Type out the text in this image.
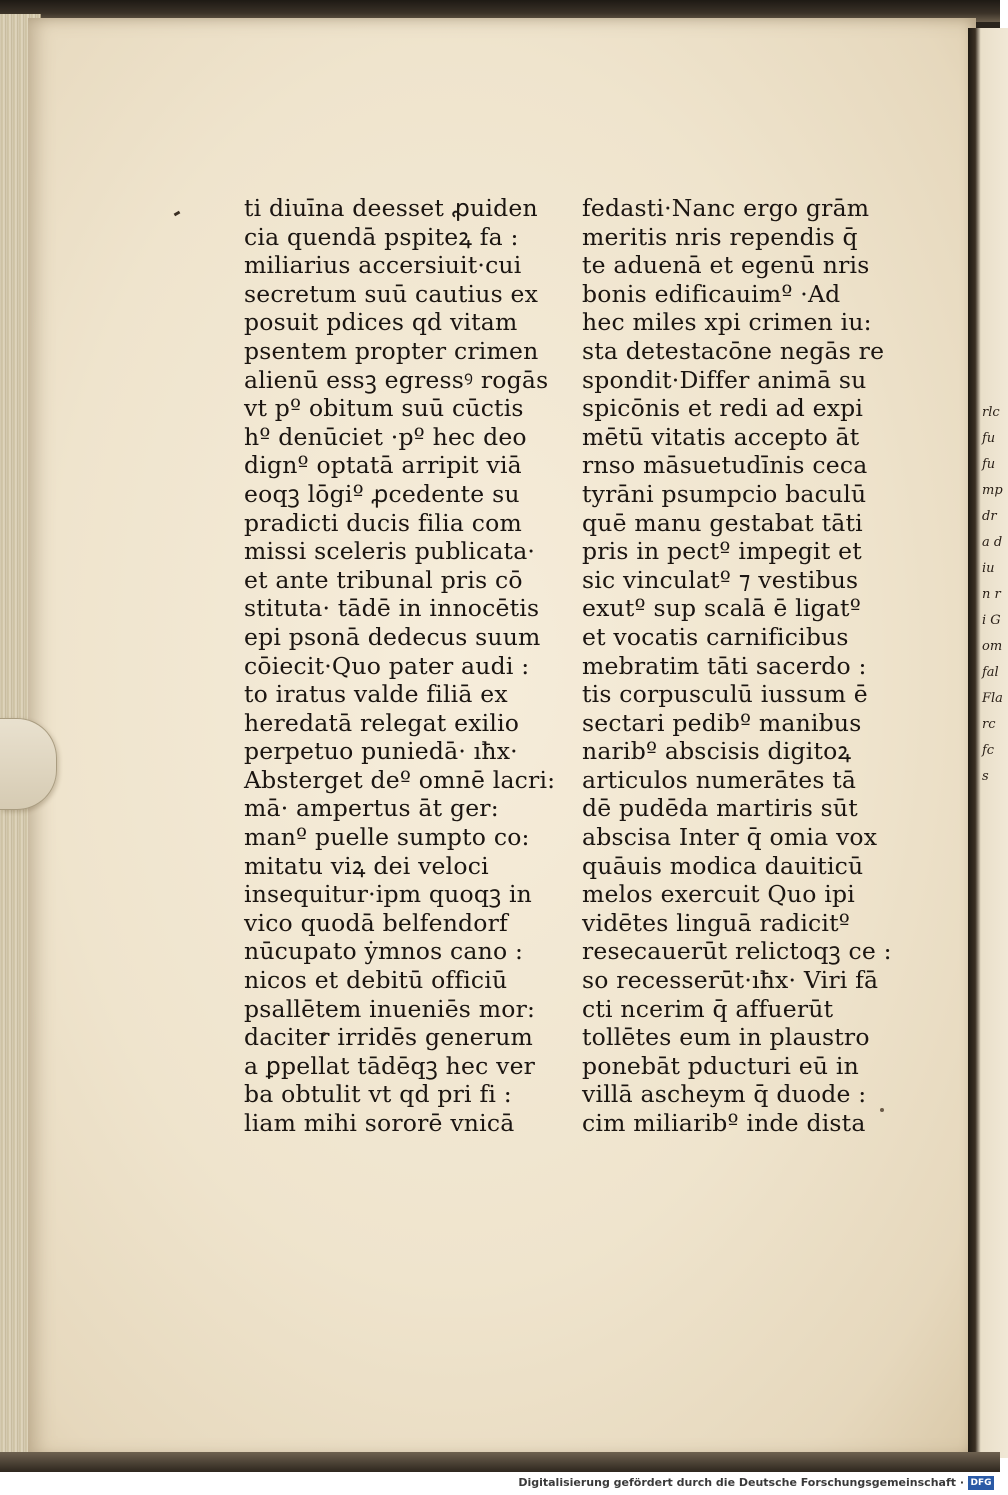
rlc fu fu mp dra diu n ri Gom fal Fla rc fc s
ti diuīna deesset ꝓuiden
cia quendā pspiteꝝ fa :
miliarius accersiuit·cui
secretum suū cautius ex
posuit pdices qd vitam
psentem propter crimen
alienū essꝫ egressꝰ rogās
vt pº obitum suū cūctis
hº denūciet ·pº hec deo
dignº optatā arripit viā
eoqꝫ lōgiº ꝓcedente su
pradicti ducis filia com
missi sceleris publicata·
et ante tribunal pris cō
stituta· tādē in innocētis
epi psonā dedecus suum
cōiecit·Quo pater audi :
to iratus valde filiā ex
heredatā relegat exilio
perpetuo puniedā· ıħx·
Absterget deº omnē lacri:
mā· ampertus āt ger:
manº puelle sumpto co:
mitatu viꝝ dei veloci
insequitur·ipm quoqꝫ in
vico quodā belfendorf
nūcupato ẏmnos cano :
nicos et debitū officiū
psallētem inueniēs mor:
daciter irridēs generum
a ꝑpellat tādēqꝫ hec ver
ba obtulit vt qd pri fi :
liam mihi sororē vnicā
fedasti·Nanc ergo grām
meritis nris rependis q̄
te aduenā et egenū nris
bonis edificauimº ·Ad
hec miles xpi crimen iu:
sta detestacōne negās re
spondit·Differ animā su
spicōnis et redi ad expi
mētū vitatis accepto āt
rnso māsuetudīnis ceca
tyrāni psumpcio baculū
quē manu gestabat tāti
pris in pectº impegit et
sic vinculatº ⁊ vestibus
exutº sup scalā ē ligatº
et vocatis carnificibus
mebratim tāti sacerdo :
tis corpusculū iussum ē
sectari pedibº manibus
naribº abscisis digitoꝝ
articulos numerātes tā
dē pudēda martiris sūt
abscisa Inter q̄ omia vox
quāuis modica dauiticū
melos exercuit Quo ipi
vidētes linguā radicitº
resecauerūt relictoqꝫ ce :
so recesserūt·ıħx· Viri fā
cti ncerim q̄ affuerūt
tollētes eum in plaustro
ponebāt pducturi eū in
villā ascheym q̄ duode :
cim miliaribº inde dista
Digitalisierung gefördert durch die Deutsche Forschungsgemeinschaft · DFG
